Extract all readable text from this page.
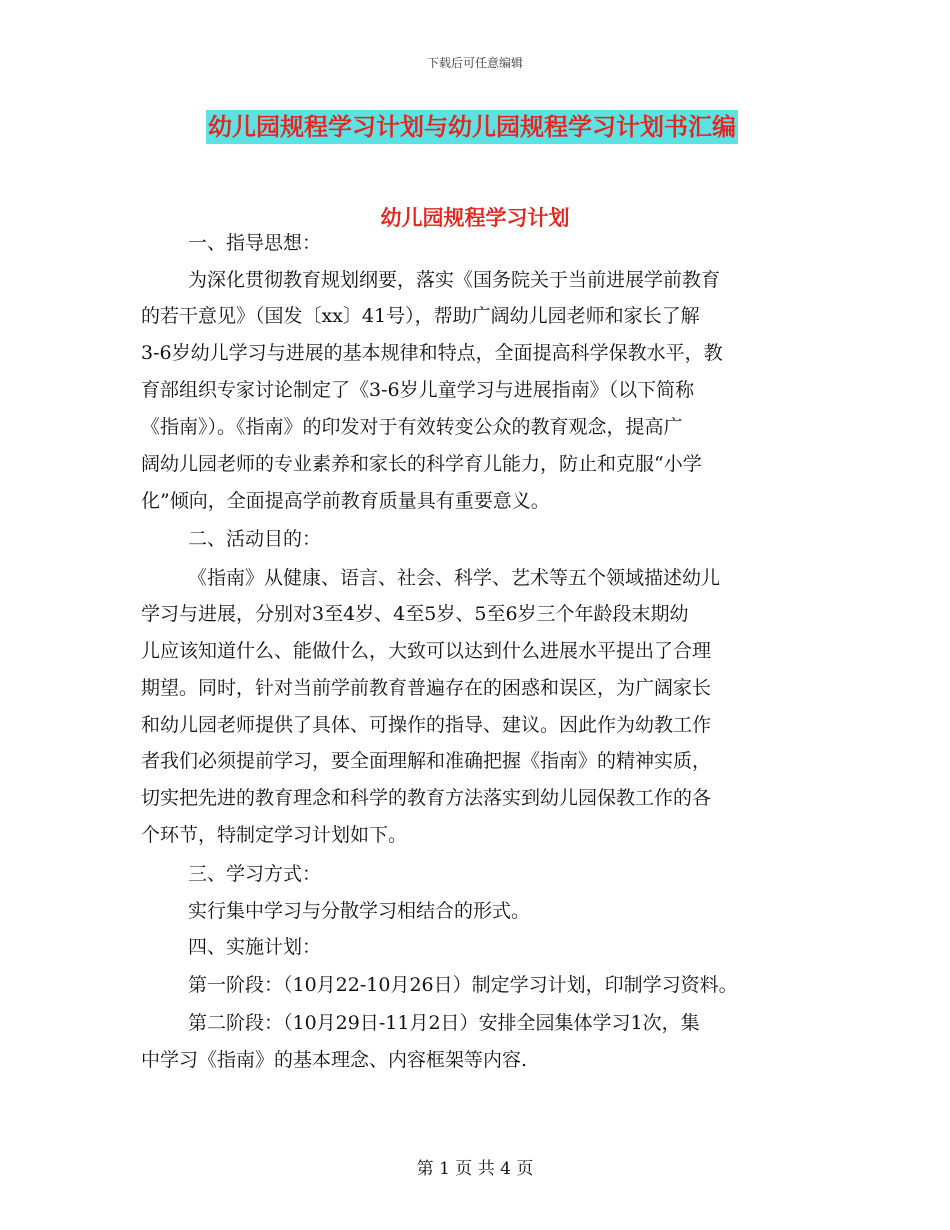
下载后可任意编辑
幼儿园规程学习计划与幼儿园规程学习计划书汇编
幼儿园规程学习计划
一、指导思想：
为深化贯彻教育规划纲要，落实《国务院关于当前进展学前教育
的若干意见》（国发〔xx〕41号），帮助广阔幼儿园老师和家长了解
3-6岁幼儿学习与进展的基本规律和特点，全面提高科学保教水平，教
育部组织专家讨论制定了《3-6岁儿童学习与进展指南》（以下简称
《指南》）。《指南》的印发对于有效转变公众的教育观念，提高广
阔幼儿园老师的专业素养和家长的科学育儿能力，防止和克服“小学
化”倾向，全面提高学前教育质量具有重要意义。
二、活动目的：
《指南》从健康、语言、社会、科学、艺术等五个领域描述幼儿
学习与进展，分别对3至4岁、4至5岁、5至6岁三个年龄段末期幼
儿应该知道什么、能做什么，大致可以达到什么进展水平提出了合理
期望。同时，针对当前学前教育普遍存在的困惑和误区，为广阔家长
和幼儿园老师提供了具体、可操作的指导、建议。因此作为幼教工作
者我们必须提前学习，要全面理解和准确把握《指南》的精神实质，
切实把先进的教育理念和科学的教育方法落实到幼儿园保教工作的各
个环节，特制定学习计划如下。
三、学习方式：
实行集中学习与分散学习相结合的形式。
四、实施计划：
第一阶段：（10月22-10月26日）制定学习计划，印制学习资料。
第二阶段：（10月29日-11月2日）安排全园集体学习1次，集
中学习《指南》的基本理念、内容框架等内容.
第 1 页 共 4 页
